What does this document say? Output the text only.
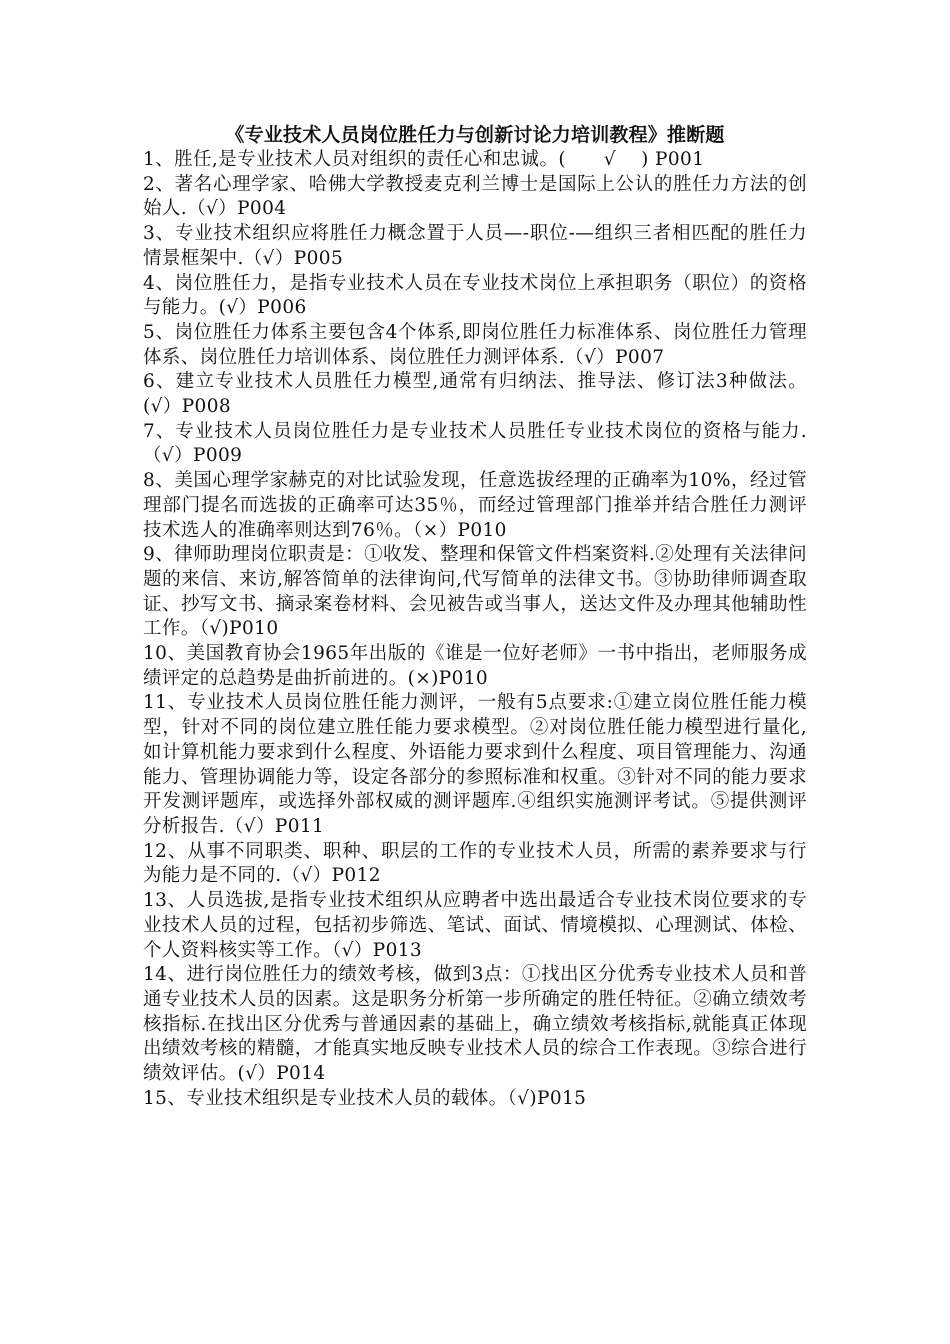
《专业技术人员岗位胜任力与创新讨论力培训教程》推断题

1、胜任,是专业技术人员对组织的责任心和忠诚。(　　√　 ) P001

2、著名心理学家、哈佛大学教授麦克利兰博士是国际上公认的胜任力方法的创始人.（√）P004

3、专业技术组织应将胜任力概念置于人员—-职位-—组织三者相匹配的胜任力情景框架中.（√）P005

4、岗位胜任力，是指专业技术人员在专业技术岗位上承担职务（职位）的资格与能力。(√）P006

5、岗位胜任力体系主要包含4个体系,即岗位胜任力标准体系、岗位胜任力管理体系、岗位胜任力培训体系、岗位胜任力测评体系.（√）P007

6、建立专业技术人员胜任力模型,通常有归纳法、推导法、修订法3种做法。(√）P008

7、专业技术人员岗位胜任力是专业技术人员胜任专业技术岗位的资格与能力.（√）P009

8、美国心理学家赫克的对比试验发现，任意选拔经理的正确率为10%，经过管理部门提名而选拔的正确率可达35％，而经过管理部门推举并结合胜任力测评技术选人的准确率则达到76％。（×）P010

9、律师助理岗位职责是：①收发、整理和保管文件档案资料.②处理有关法律问题的来信、来访,解答简单的法律询问,代写简单的法律文书。③协助律师调查取证、抄写文书、摘录案卷材料、会见被告或当事人，送达文件及办理其他辅助性工作。（√)P010

10、美国教育协会1965年出版的《谁是一位好老师》一书中指出，老师服务成绩评定的总趋势是曲折前进的。(×)P010

11、专业技术人员岗位胜任能力测评，一般有5点要求:①建立岗位胜任能力模型，针对不同的岗位建立胜任能力要求模型。②对岗位胜任能力模型进行量化,如计算机能力要求到什么程度、外语能力要求到什么程度、项目管理能力、沟通能力、管理协调能力等，设定各部分的参照标准和权重。③针对不同的能力要求开发测评题库，或选择外部权威的测评题库.④组织实施测评考试。⑤提供测评分析报告.（√）P011

12、从事不同职类、职种、职层的工作的专业技术人员，所需的素养要求与行为能力是不同的.（√）P012

13、人员选拔,是指专业技术组织从应聘者中选出最适合专业技术岗位要求的专业技术人员的过程，包括初步筛选、笔试、面试、情境模拟、心理测试、体检、个人资料核实等工作。（√）P013

14、进行岗位胜任力的绩效考核，做到3点：①找出区分优秀专业技术人员和普通专业技术人员的因素。这是职务分析第一步所确定的胜任特征。②确立绩效考核指标.在找出区分优秀与普通因素的基础上，确立绩效考核指标,就能真正体现出绩效考核的精髓，才能真实地反映专业技术人员的综合工作表现。③综合进行绩效评估。(√）P014

15、专业技术组织是专业技术人员的载体。（√)P015
